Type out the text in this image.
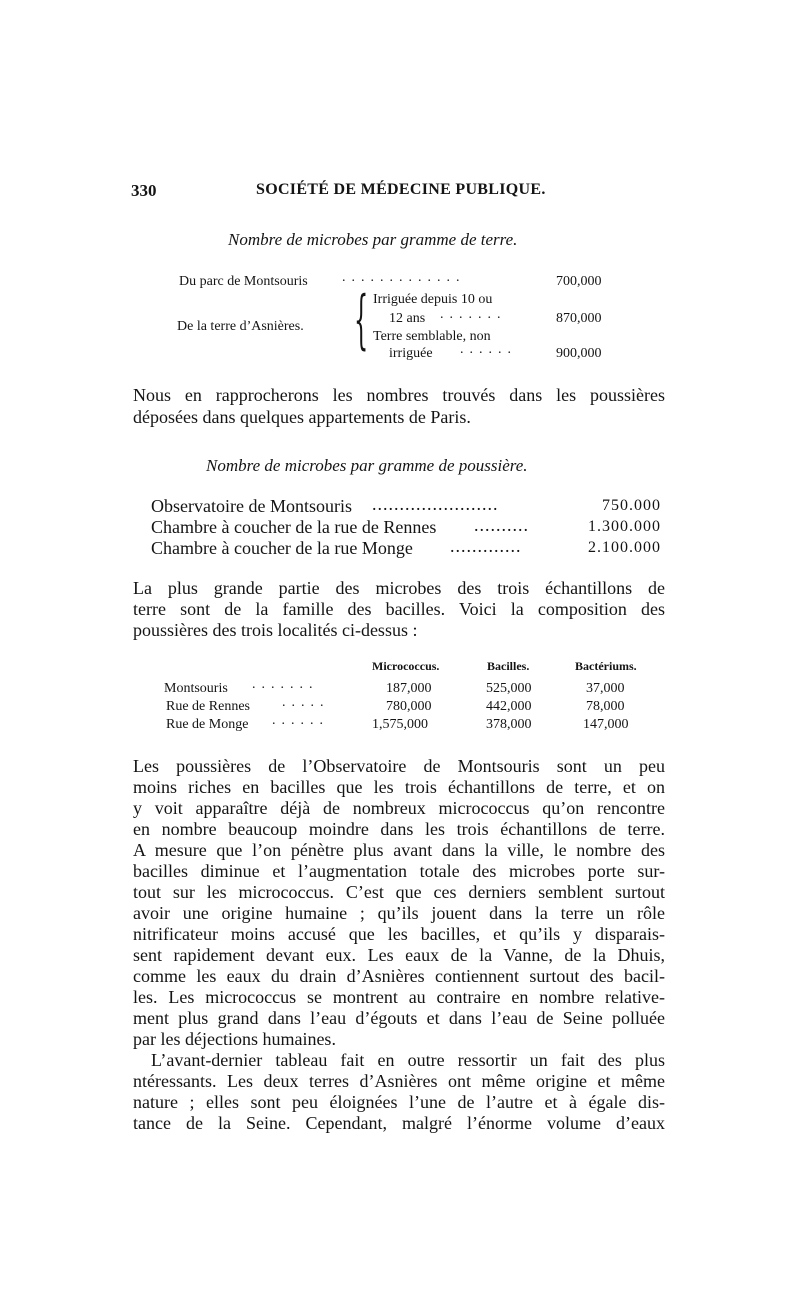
330	SOCIÉTÉ DE MÉDECINE PUBLIQUE.
Nombre de microbes par gramme de terre.
Du parc de Montsouris .............	700,000
De la terre d’Asnières. { Irriguée depuis 10 ou
12 ans .......	870,000
Terre semblable, non
irriguée ......	900,000
Nous en rapprocherons les nombres trouvés dans les poussières
déposées dans quelques appartements de Paris.
Nombre de microbes par gramme de poussière.
Observatoire de Montsouris .......................	750.000
Chambre à coucher de la rue de Rennes ..........	1.300.000
Chambre à coucher de la rue Monge .............	2.100.000
La plus grande partie des microbes des trois échantillons de
terre sont de la famille des bacilles. Voici la composition des
poussières des trois localités ci-dessus :
Micrococcus.	Bacilles.	Bactériums.
Montsouris .......	187,000	525,000	37,000
Rue de Rennes .....	780,000	442,000	78,000
Rue de Monge ......	1,575,000	378,000	147,000
Les poussières de l’Observatoire de Montsouris sont un peu
moins riches en bacilles que les trois échantillons de terre, et on
y voit apparaître déjà de nombreux micrococcus qu’on rencontre
en nombre beaucoup moindre dans les trois échantillons de terre.
A mesure que l’on pénètre plus avant dans la ville, le nombre des
bacilles diminue et l’augmentation totale des microbes porte sur-
tout sur les micrococcus. C’est que ces derniers semblent surtout
avoir une origine humaine ; qu’ils jouent dans la terre un rôle
nitrificateur moins accusé que les bacilles, et qu’ils y disparais-
sent rapidement devant eux. Les eaux de la Vanne, de la Dhuis,
comme les eaux du drain d’Asnières contiennent surtout des bacil-
les. Les micrococcus se montrent au contraire en nombre relative-
ment plus grand dans l’eau d’égouts et dans l’eau de Seine polluée
par les déjections humaines.
L’avant-dernier tableau fait en outre ressortir un fait des plus
ntéressants. Les deux terres d’Asnières ont même origine et même
nature ; elles sont peu éloignées l’une de l’autre et à égale dis-
tance de la Seine. Cependant, malgré l’énorme volume d’eaux
